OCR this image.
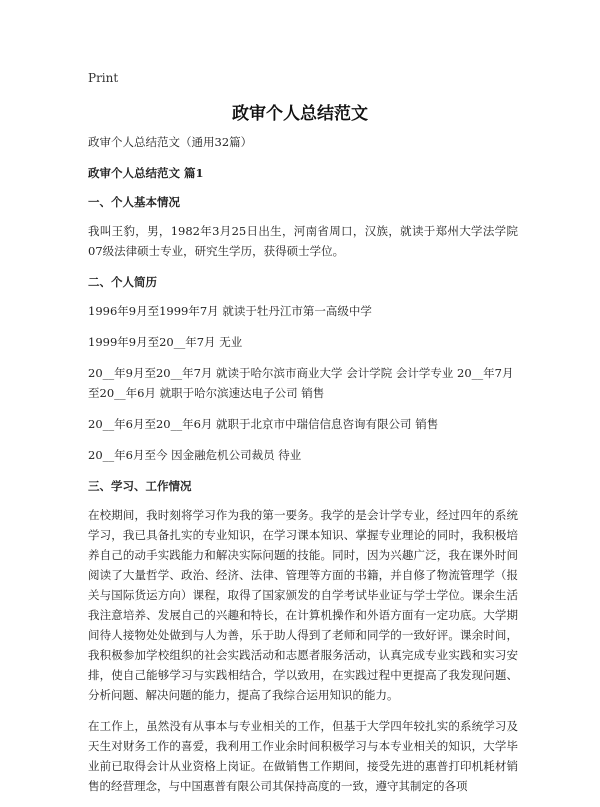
Print
政审个人总结范文

政审个人总结范文（通用32篇）

政审个人总结范文 篇1

一、个人基本情况

我叫王豹，男，1982年3月25日出生，河南省周口，汉族，就读于郑州大学法学院07级法律硕士专业，研究生学历，获得硕士学位。

二、个人简历

1996年9月至1999年7月 就读于牡丹江市第一高级中学

1999年9月至20__年7月 无业

20__年9月至20__年7月 就读于哈尔滨市商业大学 会计学院 会计学专业 20__年7月至20__年6月 就职于哈尔滨速达电子公司 销售

20__年6月至20__年6月 就职于北京市中瑞信信息咨询有限公司 销售

20__年6月至今 因金融危机公司裁员 待业

三、学习、工作情况

在校期间，我时刻将学习作为我的第一要务。我学的是会计学专业，经过四年的系统学习，我已具备扎实的专业知识，在学习课本知识、掌握专业理论的同时，我积极培养自己的动手实践能力和解决实际问题的技能。同时，因为兴趣广泛，我在课外时间阅读了大量哲学、政治、经济、法律、管理等方面的书籍，并自修了物流管理学（报关与国际货运方向）课程，取得了国家颁发的自学考试毕业证与学士学位。课余生活我注意培养、发展自己的兴趣和特长，在计算机操作和外语方面有一定功底。大学期间待人接物处处做到与人为善，乐于助人得到了老师和同学的一致好评。课余时间，我积极参加学校组织的社会实践活动和志愿者服务活动，认真完成专业实践和实习安排，使自己能够学习与实践相结合，学以致用，在实践过程中更提高了我发现问题、分析问题、解决问题的能力，提高了我综合运用知识的能力。

在工作上，虽然没有从事本与专业相关的工作，但基于大学四年较扎实的系统学习及天生对财务工作的喜爱，我利用工作业余时间积极学习与本专业相关的知识，大学毕业前已取得会计从业资格上岗证。在做销售工作期间，接受先进的惠普打印机耗材销售的经营理念，与中国惠普有限公司其保持高度的一致，遵守其制定的各项
